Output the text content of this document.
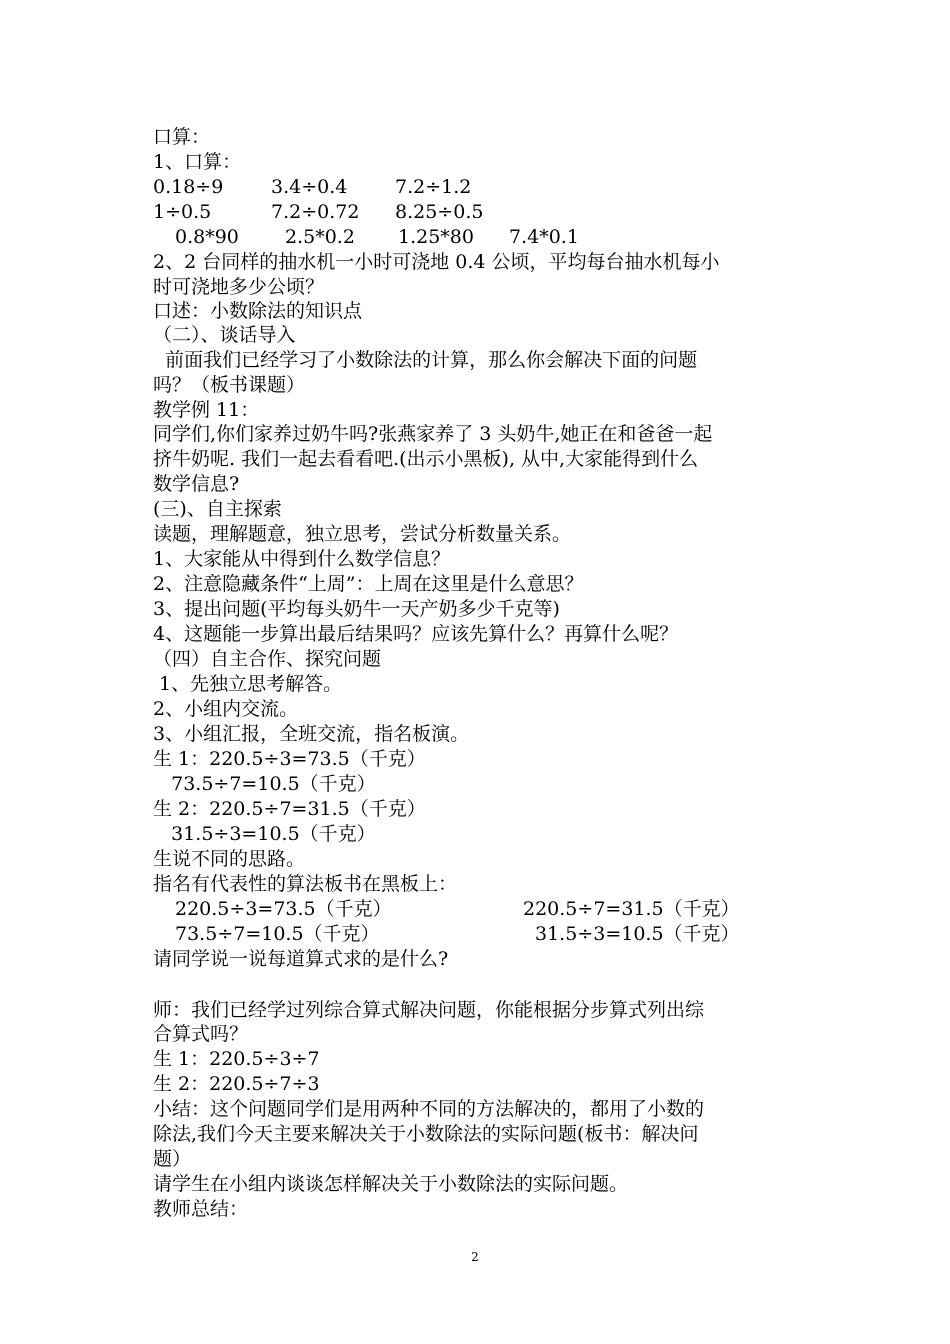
2
口算：
1、口算：
0.18÷9	3.4÷0.4	7.2÷1.2
1÷0.5	7.2÷0.72 8.25÷0.5
0.8*90 2.5*0.2 1.25*80 7.4*0.1
2、2 台同样的抽水机一小时可浇地 0.4 公顷，平均每台抽水机每小
时可浇地多少公顷？
口述：小数除法的知识点
（二）、谈话导入
前面我们已经学习了小数除法的计算，那么你会解决下面的问题
吗？（板书课题）
教学例 11：
同学们,你们家养过奶牛吗?张燕家养了 3 头奶牛,她正在和爸爸一起
挤牛奶呢. 我们一起去看看吧.(出示小黑板), 从中,大家能得到什么
数学信息?
(三)、自主探索
读题，理解题意，独立思考，尝试分析数量关系。
1、大家能从中得到什么数学信息？
2、注意隐藏条件“上周”：上周在这里是什么意思？
3、提出问题(平均每头奶牛一天产奶多少千克等)
4、这题能一步算出最后结果吗？应该先算什么？再算什么呢？
（四）自主合作、探究问题
1、先独立思考解答。
2、小组内交流。
3、小组汇报，全班交流，指名板演。
生 1：220.5÷3=73.5（千克）
73.5÷7=10.5（千克）
生 2：220.5÷7=31.5（千克）
31.5÷3=10.5（千克）
生说不同的思路。
指名有代表性的算法板书在黑板上：
220.5÷3=73.5（千克）	220.5÷7=31.5（千克）
73.5÷7=10.5（千克）	31.5÷3=10.5（千克）
请同学说一说每道算式求的是什么?
师：我们已经学过列综合算式解决问题，你能根据分步算式列出综
合算式吗？
生 1：220.5÷3÷7
生 2：220.5÷7÷3
小结：这个问题同学们是用两种不同的方法解决的，都用了小数的
除法,我们今天主要来解决关于小数除法的实际问题(板书：解决问
题）
请学生在小组内谈谈怎样解决关于小数除法的实际问题。
教师总结：
